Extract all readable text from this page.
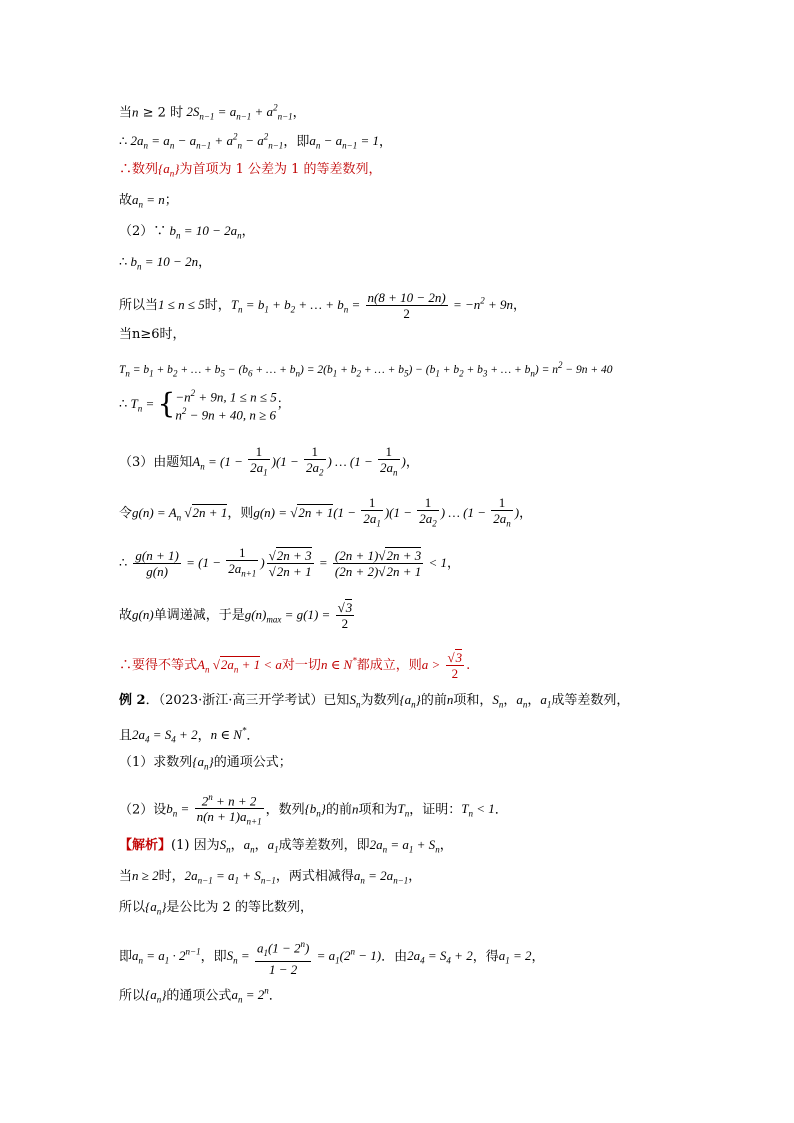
当n ≥ 2 时 $2S_{n-1} = a_{n-1} + a^2_{n-1}$，
∴ $2a_n = a_n - a_{n-1} + a^2_n - a^2_{n-1}$，即$a_n - a_{n-1} = 1$，
∴数列$\{a_n\}$为首项为 1 公差为 1 的等差数列，
故$a_n = n$；
（2）∵ $b_n = 10 - 2a_n$，
∴ $b_n = 10 - 2n$，
所以当1 ≤ n ≤ 5时，$T_n = b_1 + b_2$ + … + $b_n = \frac{n(8 + 10 - 2n)}{2} = -n^2 + 9n$，
当n≥6时，
$T_n = b_1 + b_2$ + … + $b_5 - (b_6$ + … + $b_n) = 2(b_1 + b_2$ + … + $b_5) - (b_1 + b_2 + b_3$ + … + $b_n) = n^2 - 9n + 40$
∴ $T_n$ = { $-n^2 + 9n$, 1 ≤ n ≤ 5
$n^2 - 9n + 40$, n ≥ 6
；
（3）由题知$A_n = (1 - \frac{1}{2a_1} )(1 - \frac{1}{2a_2}$ ) … ($1 - \frac{1}{2a_n}$ )，
令$g(n) = A_n$ √2n + 1，则$g(n) = √2n + 1(1 - \frac{1}{2a_1} )(1 - \frac{1}{2a_2}$ ) … ($1 - \frac{1}{2a_n}$ )，
∴ $\frac{g(n + 1)}{g(n)} = (1 - \frac{1}{2a_{n+1}}$ ) $\frac{√2n + 3}{√2n + 1} = \frac{(2n + 1)√2n + 3}{(2n + 2)√2n + 1} < 1$，
故g(n)单调递减，于是$g(n)_{max} = g(1) = \frac{√3}{2}$
∴要得不等式$A_n$ $√2a_n + 1 < a$对一切n ∈ N*都成立，则$a > \frac{√3}{2}$ .
例 2．（2023·浙江·高三开学考试）已知$S_n$为数列$\{a_n\}$的前n项和，$S_n$，$a_n$，$a_1$成等差数列，
且$2a_4 = S_4 + 2$，n ∈ N*．
（1）求数列$\{a_n\}$的通项公式；
（2）设$b_n = \frac{2^n + n + 2}{n(n + 1)a_{n+1}}$ ，数列$\{b_n\}$的前n项和为$T_n$，证明：$T_n < 1$．
【解析】(1) 因为$S_n$，$a_n$，$a_1$成等差数列，即$2a_n = a_1 + S_n$，
当n ≥ 2时，$2a_{n-1} = a_1 + S_{n-1}$，两式相减得$a_n = 2a_{n-1}$，
所以$\{a_n\}$是公比为 2 的等比数列，
即$a_n = a_1 \cdot 2^{n-1}$，即$S_n = \frac{a_1(1 - 2^n)}{1 - 2} = a_1(2^n - 1)$．由$2a_4 = S_4 + 2$，得$a_1 = 2$，
所以$\{a_n\}$的通项公式$a_n = 2^n$．
